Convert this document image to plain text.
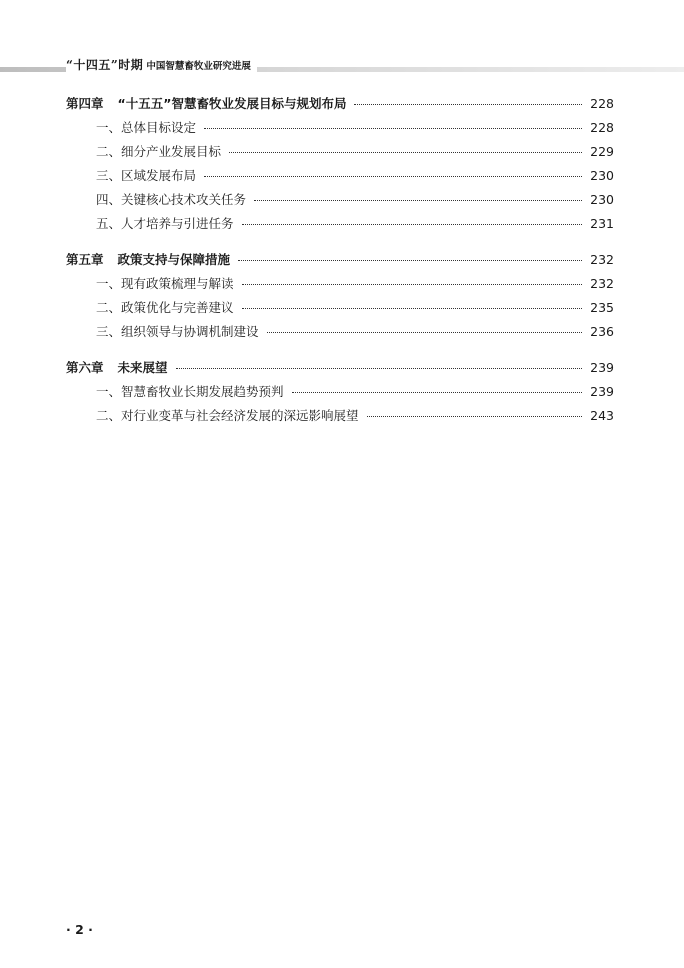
“十四五”时期 中国智慧畜牧业研究进展
第四章 “十五五”智慧畜牧业发展目标与规划布局	228
一、总体目标设定	228
二、细分产业发展目标	229
三、区域发展布局	230
四、关键核心技术攻关任务	230
五、人才培养与引进任务	231
第五章 政策支持与保障措施	232
一、现有政策梳理与解读	232
二、政策优化与完善建议	235
三、组织领导与协调机制建设	236
第六章 未来展望	239
一、智慧畜牧业长期发展趋势预判	239
二、对行业变革与社会经济发展的深远影响展望	243
· 2 ·
